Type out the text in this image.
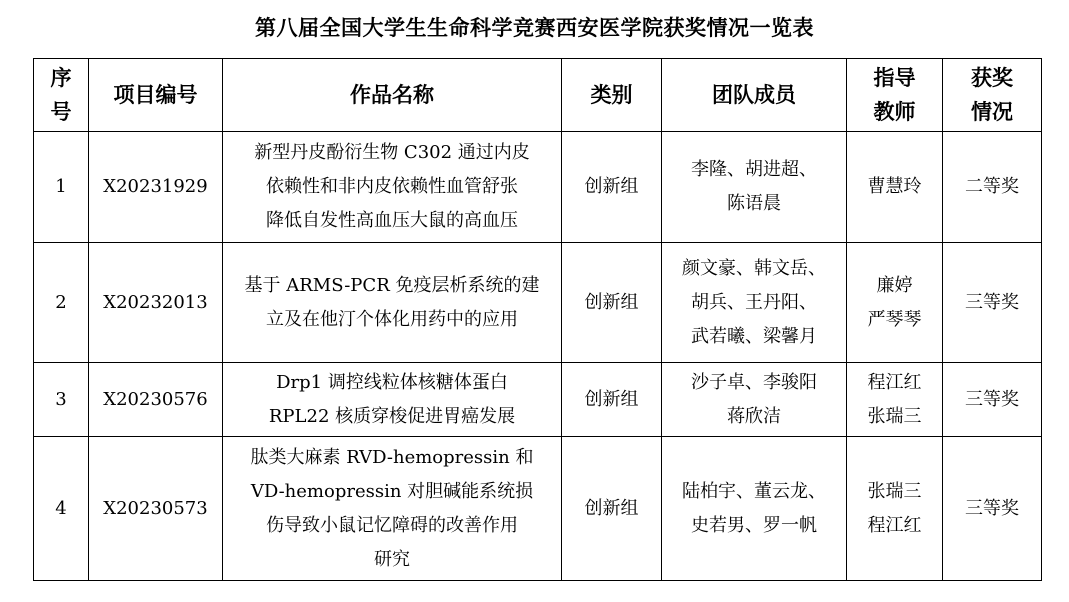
第八届全国大学生生命科学竞赛西安医学院获奖情况一览表
序
号	项目编号	作品名称	类别	团队成员	指导
教师	获奖
情况

1	X20231929	新型丹皮酚衍生物 C302 通过内皮
依赖性和非内皮依赖性血管舒张
降低自发性高血压大鼠的高血压	创新组	李隆、胡进超、
陈语晨	曹慧玲	二等奖
2	X20232013	基于 ARMS-PCR 免疫层析系统的建
立及在他汀个体化用药中的应用	创新组	颜文豪、韩文岳、
胡兵、王丹阳、
武若曦、梁馨月	廉婷
严琴琴	三等奖
3	X20230576	Drp1 调控线粒体核糖体蛋白
RPL22 核质穿梭促进胃癌发展	创新组	沙子卓、李骏阳
蒋欣洁	程江红
张瑞三	三等奖
4	X20230573	肽类大麻素 RVD-hemopressin 和
VD-hemopressin 对胆碱能系统损
伤导致小鼠记忆障碍的改善作用
研究	创新组	陆柏宇、董云龙、
史若男、罗一帆	张瑞三
程江红	三等奖
